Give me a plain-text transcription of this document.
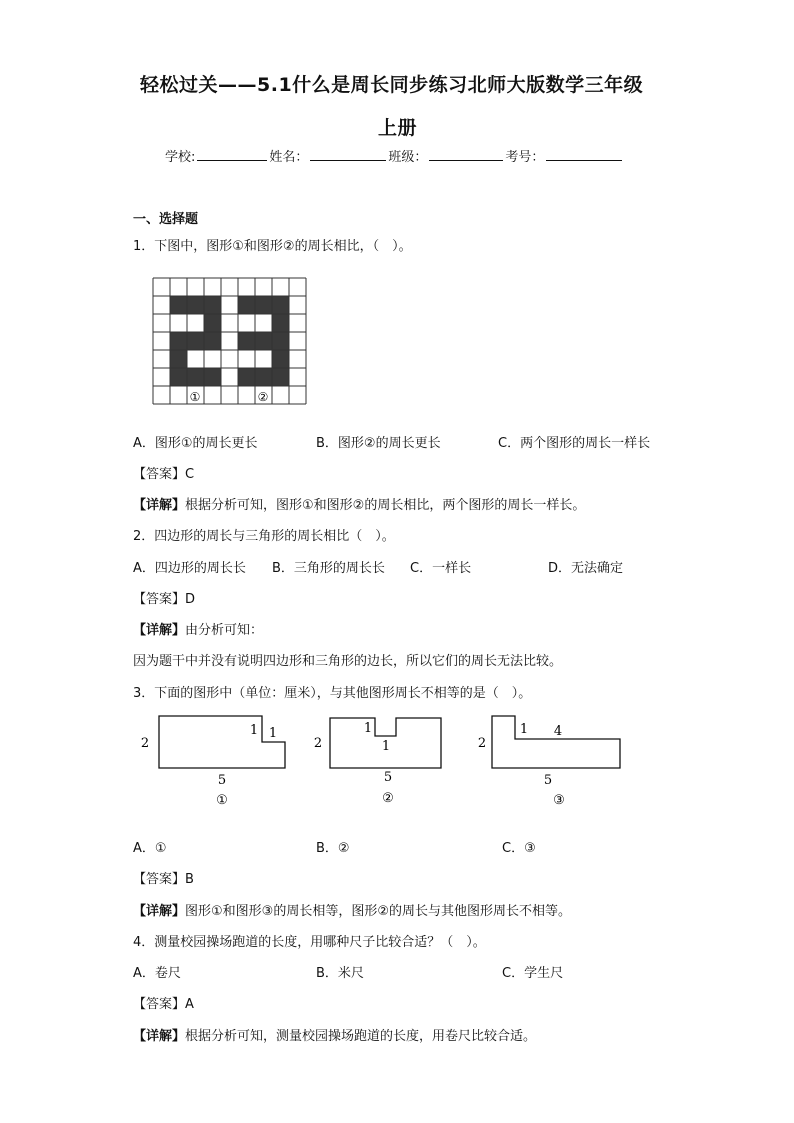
轻松过关——5.1什么是周长同步练习北师大版数学三年级
上册
学校:	姓名：	班级：	考号：
一、选择题
1．下图中，图形①和图形②的周长相比，（　）。
①	②
A．图形①的周长更长	B．图形②的周长更长	C．两个图形的周长一样长
【答案】C
【详解】根据分析可知，图形①和图形②的周长相比，两个图形的周长一样长。
2．四边形的周长与三角形的周长相比（　）。
A．四边形的周长长 B．三角形的周长长 C．一样长	D．无法确定
【答案】D
【详解】由分析可知：
因为题干中并没有说明四边形和三角形的边长，所以它们的周长无法比较。
3．下面的图形中（单位：厘米），与其他图形周长不相等的是（　）。
2
1 1
5
①
2
1
1
5
②
2
1 4
5
③
A．①	B．②	C．③
【答案】B
【详解】图形①和图形③的周长相等，图形②的周长与其他图形周长不相等。
4．测量校园操场跑道的长度，用哪种尺子比较合适？（　）。
A．卷尺	B．米尺	C．学生尺
【答案】A
【详解】根据分析可知，测量校园操场跑道的长度，用卷尺比较合适。
